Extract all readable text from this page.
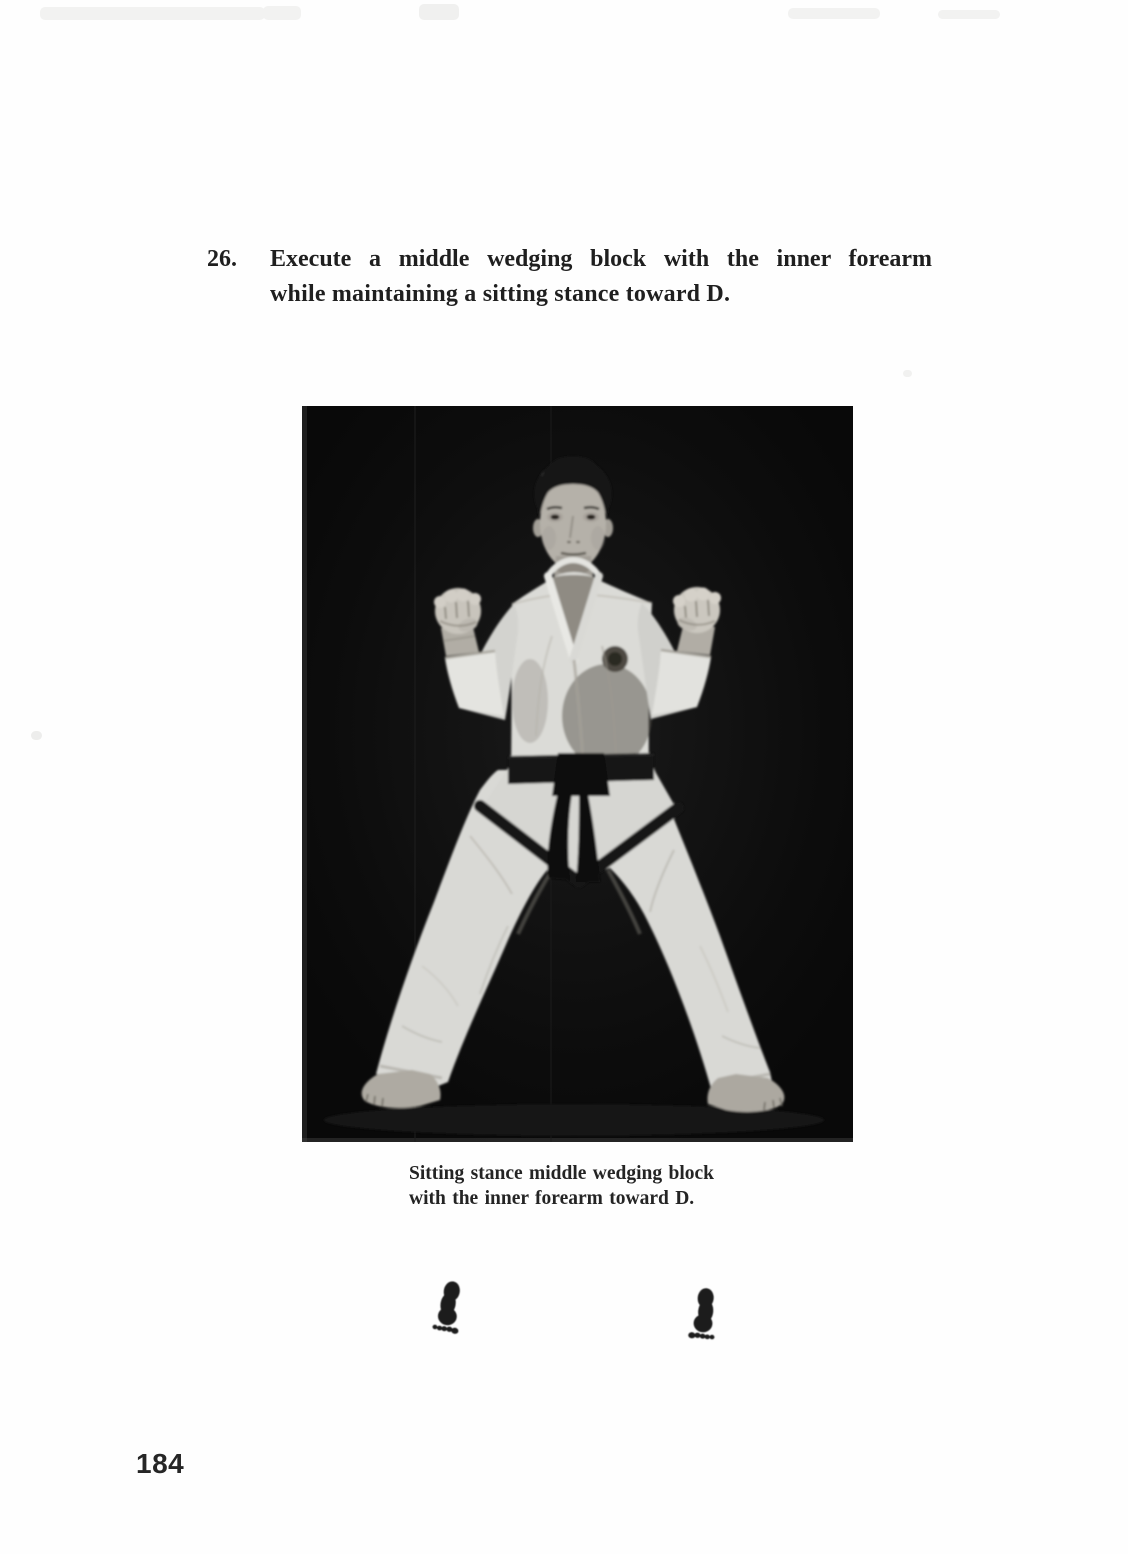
26. Execute a middle wedging block with the inner forearm
while maintaining a sitting stance toward D.
Sitting stance middle wedging block
with the inner forearm toward D.
184
